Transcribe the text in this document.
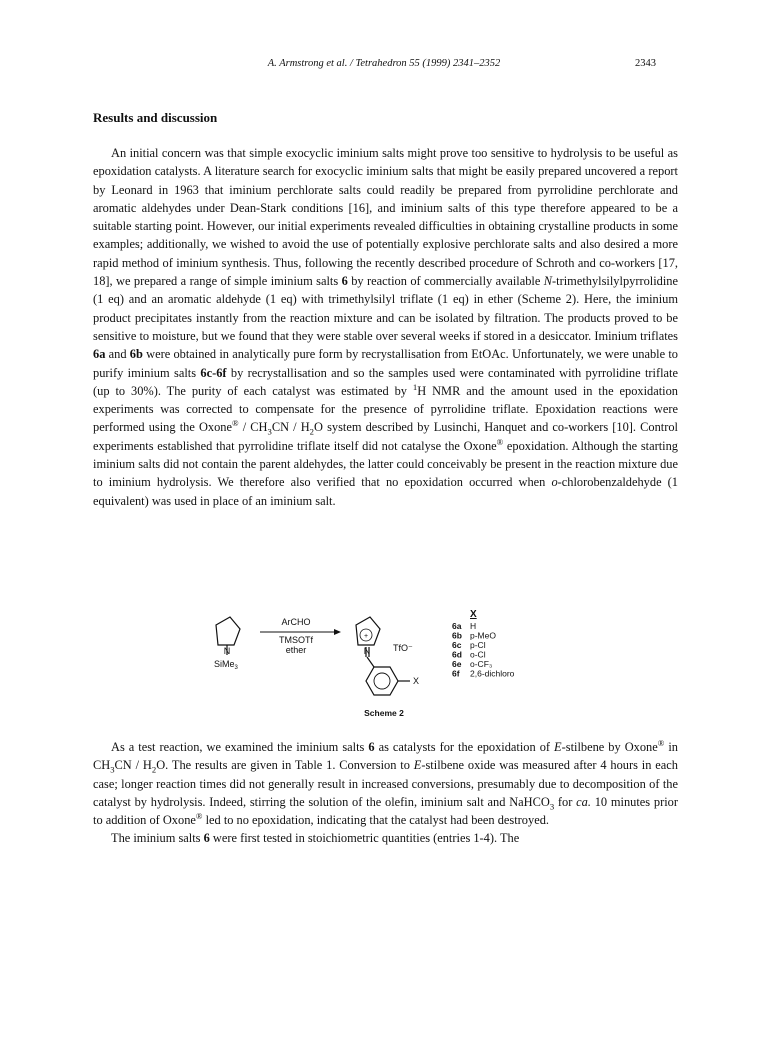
A. Armstrong et al. / Tetrahedron 55 (1999) 2341–2352	2343
Results and discussion

An initial concern was that simple exocyclic iminium salts might prove too sensitive to hydrolysis to be useful as epoxidation catalysts. A literature search for exocyclic iminium salts that might be easily prepared uncovered a report by Leonard in 1963 that iminium perchlorate salts could readily be prepared from pyrrolidine perchlorate and aromatic aldehydes under Dean-Stark conditions [16], and iminium salts of this type therefore appeared to be a suitable starting point. However, our initial experiments revealed difficulties in obtaining crystalline products in some examples; additionally, we wished to avoid the use of potentially explosive perchlorate salts and also desired a more rapid method of iminium synthesis. Thus, following the recently described procedure of Schroth and co-workers [17, 18], we prepared a range of simple iminium salts 6 by reaction of commercially available N-trimethylsilylpyrrolidine (1 eq) and an aromatic aldehyde (1 eq) with trimethylsilyl triflate (1 eq) in ether (Scheme 2). Here, the iminium product precipitates instantly from the reaction mixture and can be isolated by filtration. The products proved to be sensitive to moisture, but we found that they were stable over several weeks if stored in a desiccator. Iminium triflates 6a and 6b were obtained in analytically pure form by recrystallisation from EtOAc. Unfortunately, we were unable to purify iminium salts 6c-6f by recrystallisation and so the samples used were contaminated with pyrrolidine triflate (up to 30%). The purity of each catalyst was estimated by $^1$H NMR and the amount used in the epoxidation experiments was corrected to compensate for the presence of pyrrolidine triflate. Epoxidation reactions were performed using the Oxone® / $CH_3CN / H_2O$ system described by Lusinchi, Hanquet and co-workers [10]. Control experiments established that pyrrolidine triflate itself did not catalyse the Oxone® epoxidation. Although the starting iminium salts did not contain the parent aldehydes, the latter could conceivably be present in the reaction mixture due to iminium hydrolysis. We therefore also verified that no epoxidation occurred when o-chlorobenzaldehyde (1 equivalent) was used in place of an iminium salt.

N
SiMe$_3$
ArCHO
TMSOTf
ether
+
N	TfO⁻
X
X
6a H
6b p-MeO
6c p-Cl
6d o-Cl
6e o-CF₃
6f 2,6-dichloro
Scheme 2

As a test reaction, we examined the iminium salts 6 as catalysts for the epoxidation of E-stilbene by Oxone® in $CH_3CN / H_2O$. The results are given in Table 1. Conversion to E-stilbene oxide was measured after 4 hours in each case; longer reaction times did not generally result in increased conversions, presumably due to decomposition of the catalyst by hydrolysis. Indeed, stirring the solution of the olefin, iminium salt and NaHCO$_3$ for ca. 10 minutes prior to addition of Oxone® led to no epoxidation, indicating that the catalyst had been destroyed.

The iminium salts 6 were first tested in stoichiometric quantities (entries 1-4). The
